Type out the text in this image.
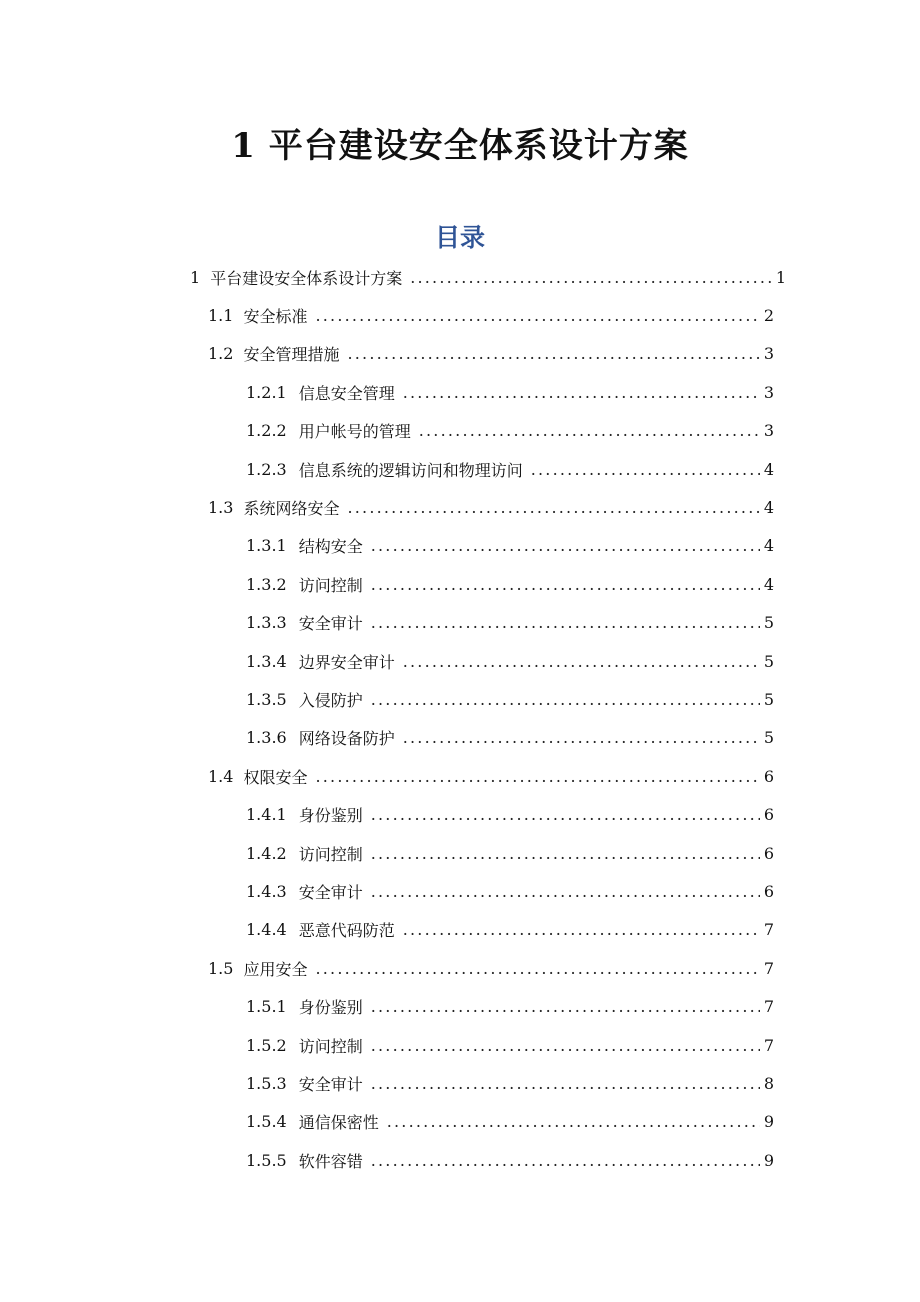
1 平台建设安全体系设计方案
目录
1 平台建设安全体系设计方案 .....	1
1.1 安全标准 .....	2
1.2 安全管理措施 .....	3
1.2.1 信息安全管理 .....	3
1.2.2 用户帐号的管理 .....	3
1.2.3 信息系统的逻辑访问和物理访问 .....	4
1.3 系统网络安全 .....	4
1.3.1 结构安全 .....	4
1.3.2 访问控制 .....	4
1.3.3 安全审计 .....	5
1.3.4 边界安全审计 .....	5
1.3.5 入侵防护 .....	5
1.3.6 网络设备防护 .....	5
1.4 权限安全 .....	6
1.4.1 身份鉴别 .....	6
1.4.2 访问控制 .....	6
1.4.3 安全审计 .....	6
1.4.4 恶意代码防范 .....	7
1.5 应用安全 .....	7
1.5.1 身份鉴别 .....	7
1.5.2 访问控制 .....	7
1.5.3 安全审计 .....	8
1.5.4 通信保密性 .....	9
1.5.5 软件容错 .....	9
